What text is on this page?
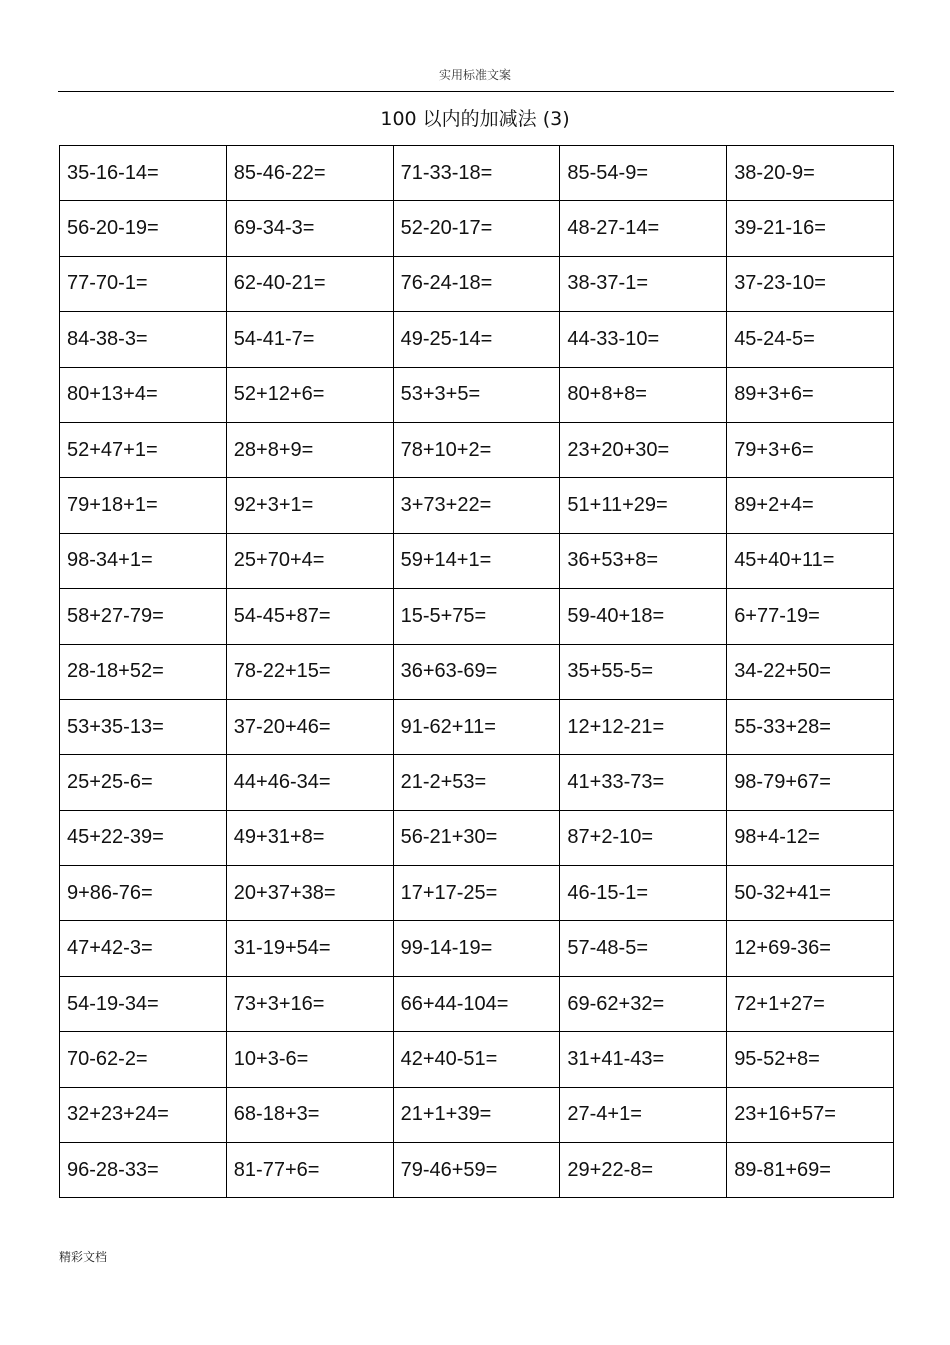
实用标准文案
100 以内的加减法 (3)
35-16-14=	85-46-22=	71-33-18=	85-54-9=	38-20-9=
56-20-19=	69-34-3=	52-20-17=	48-27-14=	39-21-16=
77-70-1=	62-40-21=	76-24-18=	38-37-1=	37-23-10=
84-38-3=	54-41-7=	49-25-14=	44-33-10=	45-24-5=
80+13+4=	52+12+6=	53+3+5=	80+8+8=	89+3+6=
52+47+1=	28+8+9=	78+10+2=	23+20+30=	79+3+6=
79+18+1=	92+3+1=	3+73+22=	51+11+29=	89+2+4=
98-34+1=	25+70+4=	59+14+1=	36+53+8=	45+40+11=
58+27-79=	54-45+87=	15-5+75=	59-40+18=	6+77-19=
28-18+52=	78-22+15=	36+63-69=	35+55-5=	34-22+50=
53+35-13=	37-20+46=	91-62+11=	12+12-21=	55-33+28=
25+25-6=	44+46-34=	21-2+53=	41+33-73=	98-79+67=
45+22-39=	49+31+8=	56-21+30=	87+2-10=	98+4-12=
9+86-76=	20+37+38=	17+17-25=	46-15-1=	50-32+41=
47+42-3=	31-19+54=	99-14-19=	57-48-5=	12+69-36=
54-19-34=	73+3+16=	66+44-104=	69-62+32=	72+1+27=
70-62-2=	10+3-6=	42+40-51=	31+41-43=	95-52+8=
32+23+24=	68-18+3=	21+1+39=	27-4+1=	23+16+57=
96-28-33=	81-77+6=	79-46+59=	29+22-8=	89-81+69=
精彩文档
